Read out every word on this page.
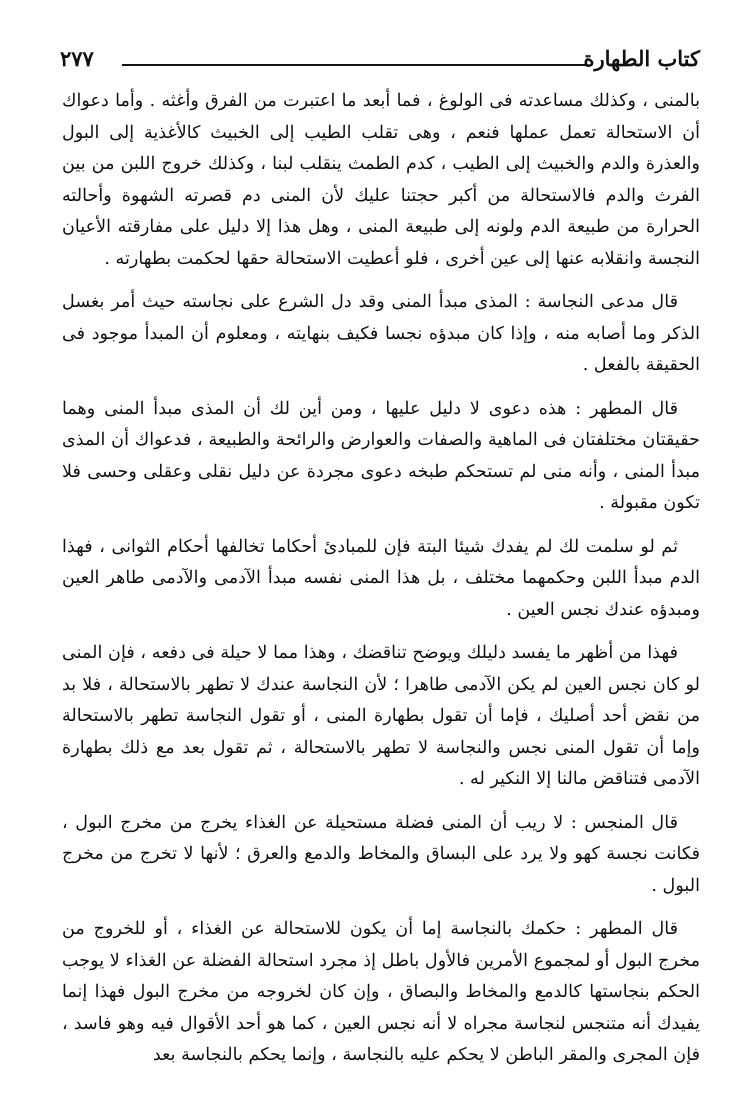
كتاب الطهارة
٢٧٧

بالمنى ، وكذلك مساعدته فى الولوغ ، فما أبعد ما اعتبرت من الفرق وأغثه . وأما دعواك أن الاستحالة تعمل عملها فنعم ، وهى تقلب الطيب إلى الخبيث كالأغذية إلى البول والعذرة والدم والخبيث إلى الطيب ، كدم الطمث ينقلب لبنا ، وكذلك خروج اللبن من بين الفرث والدم فالاستحالة من أكبر حجتنا عليك لأن المنى دم قصرته الشهوة وأحالته الحرارة من طبيعة الدم ولونه إلى طبيعة المنى ، وهل هذا إلا دليل على مفارقته الأعيان النجسة وانقلابه عنها إلى عين أخرى ، فلو أعطيت الاستحالة حقها لحكمت بطهارته .

قال مدعى النجاسة : المذى مبدأ المنى وقد دل الشرع على نجاسته حيث أمر بغسل الذكر وما أصابه منه ، وإذا كان مبدؤه نجسا فكيف بنهايته ، ومعلوم أن المبدأ موجود فى الحقيقة بالفعل .

قال المطهر : هذه دعوى لا دليل عليها ، ومن أين لك أن المذى مبدأ المنى وهما حقيقتان مختلفتان فى الماهية والصفات والعوارض والرائحة والطبيعة ، فدعواك أن المذى مبدأ المنى ، وأنه منى لم تستحكم طبخه دعوى مجردة عن دليل نقلى وعقلى وحسى فلا تكون مقبولة .

ثم لو سلمت لك لم يفدك شيئا البتة فإن للمبادئ أحكاما تخالفها أحكام الثوانى ، فهذا الدم مبدأ اللبن وحكمهما مختلف ، بل هذا المنى نفسه مبدأ الآدمى والآدمى طاهر العين ومبدؤه عندك نجس العين .

فهذا من أظهر ما يفسد دليلك ويوضح تناقضك ، وهذا مما لا حيلة فى دفعه ، فإن المنى لو كان نجس العين لم يكن الآدمى طاهرا ؛ لأن النجاسة عندك لا تطهر بالاستحالة ، فلا بد من نقض أحد أصليك ، فإما أن تقول بطهارة المنى ، أو تقول النجاسة تطهر بالاستحالة وإما أن تقول المنى نجس والنجاسة لا تطهر بالاستحالة ، ثم تقول بعد مع ذلك بطهارة الآدمى فتناقض مالنا إلا النكير له .

قال المنجس : لا ريب أن المنى فضلة مستحيلة عن الغذاء يخرج من مخرج البول ، فكانت نجسة كهو ولا يرد على البساق والمخاط والدمع والعرق ؛ لأنها لا تخرج من مخرج البول .

قال المطهر : حكمك بالنجاسة إما أن يكون للاستحالة عن الغذاء ، أو للخروج من مخرج البول أو لمجموع الأمرين فالأول باطل إذ مجرد استحالة الفضلة عن الغذاء لا يوجب الحكم بنجاستها كالدمع والمخاط والبصاق ، وإن كان لخروجه من مخرج البول فهذا إنما يفيدك أنه متنجس لنجاسة مجراه لا أنه نجس العين ، كما هو أحد الأقوال فيه وهو فاسد ، فإن المجرى والمقر الباطن لا يحكم عليه بالنجاسة ، وإنما يحكم بالنجاسة بعد
